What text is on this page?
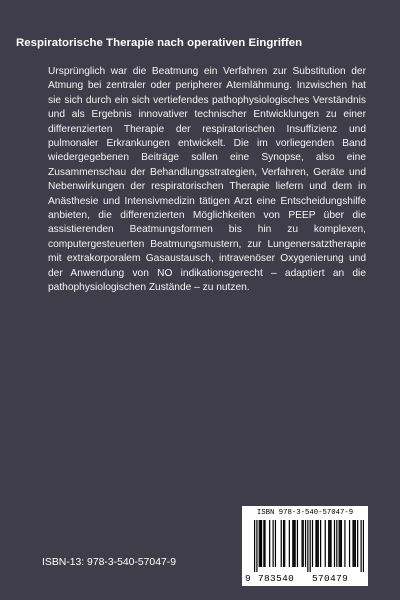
Respiratorische Therapie nach operativen Eingriffen

Ursprünglich war die Beatmung ein Verfahren zur Substitution der Atmung bei zentraler oder peripherer Atemlähmung. Inzwischen hat sie sich durch ein sich vertiefendes pathophysiologisches Verständnis und als Ergebnis innovativer technischer Entwicklungen zu einer differenzierten Therapie der respiratorischen Insuffizienz und pulmonaler Erkrankungen entwickelt. Die im vorliegenden Band wiedergegebenen Beiträge sollen eine Synopse, also eine Zusammenschau der Behandlungsstrategien, Verfahren, Geräte und Nebenwirkungen der respiratorischen Therapie liefern und dem in Anästhesie und Intensivmedizin tätigen Arzt eine Entscheidungshilfe anbieten, die differenzierten Möglichkeiten von PEEP über die assistierenden Beatmungsformen bis hin zu komplexen, computergesteuerten Beatmungsmustern, zur Lungenersatztherapie mit extrakorporalem Gasaustausch, intravenöser Oxygenierung und der Anwendung von NO indikationsgerecht – adaptiert an die pathophysiologischen Zustände – zu nutzen.

ISBN-13: 978-3-540-57047-9
ISBN 978-3-540-57047-9
9 783540 570479
